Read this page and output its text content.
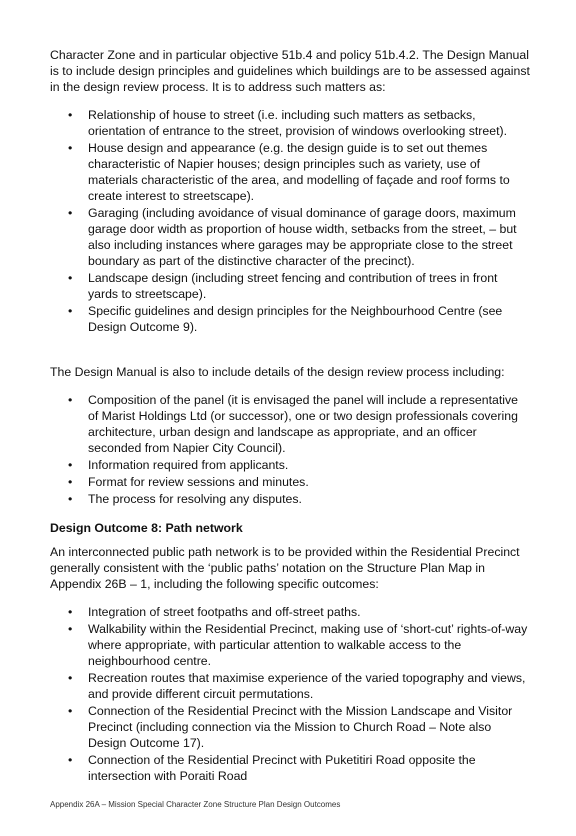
Character Zone and in particular objective 51b.4 and policy 51b.4.2. The Design Manual is to include design principles and guidelines which buildings are to be assessed against in the design review process. It is to address such matters as:

• Relationship of house to street (i.e. including such matters as setbacks, orientation of entrance to the street, provision of windows overlooking street).
• House design and appearance (e.g. the design guide is to set out themes characteristic of Napier houses; design principles such as variety, use of materials characteristic of the area, and modelling of façade and roof forms to create interest to streetscape).
• Garaging (including avoidance of visual dominance of garage doors, maximum garage door width as proportion of house width, setbacks from the street, – but also including instances where garages may be appropriate close to the street boundary as part of the distinctive character of the precinct).
• Landscape design (including street fencing and contribution of trees in front yards to streetscape).
• Specific guidelines and design principles for the Neighbourhood Centre (see Design Outcome 9).

The Design Manual is also to include details of the design review process including:

• Composition of the panel (it is envisaged the panel will include a representative of Marist Holdings Ltd (or successor), one or two design professionals covering architecture, urban design and landscape as appropriate, and an officer seconded from Napier City Council).
• Information required from applicants.
• Format for review sessions and minutes.
• The process for resolving any disputes.

Design Outcome 8: Path network

An interconnected public path network is to be provided within the Residential Precinct generally consistent with the ‘public paths’ notation on the Structure Plan Map in Appendix 26B – 1, including the following specific outcomes:

• Integration of street footpaths and off-street paths.
• Walkability within the Residential Precinct, making use of ‘short-cut’ rights-of-way where appropriate, with particular attention to walkable access to the neighbourhood centre.
• Recreation routes that maximise experience of the varied topography and views, and provide different circuit permutations.
• Connection of the Residential Precinct with the Mission Landscape and Visitor Precinct (including connection via the Mission to Church Road – Note also Design Outcome 17).
• Connection of the Residential Precinct with Puketitiri Road opposite the intersection with Poraiti Road
Appendix 26A – Mission Special Character Zone Structure Plan Design Outcomes
